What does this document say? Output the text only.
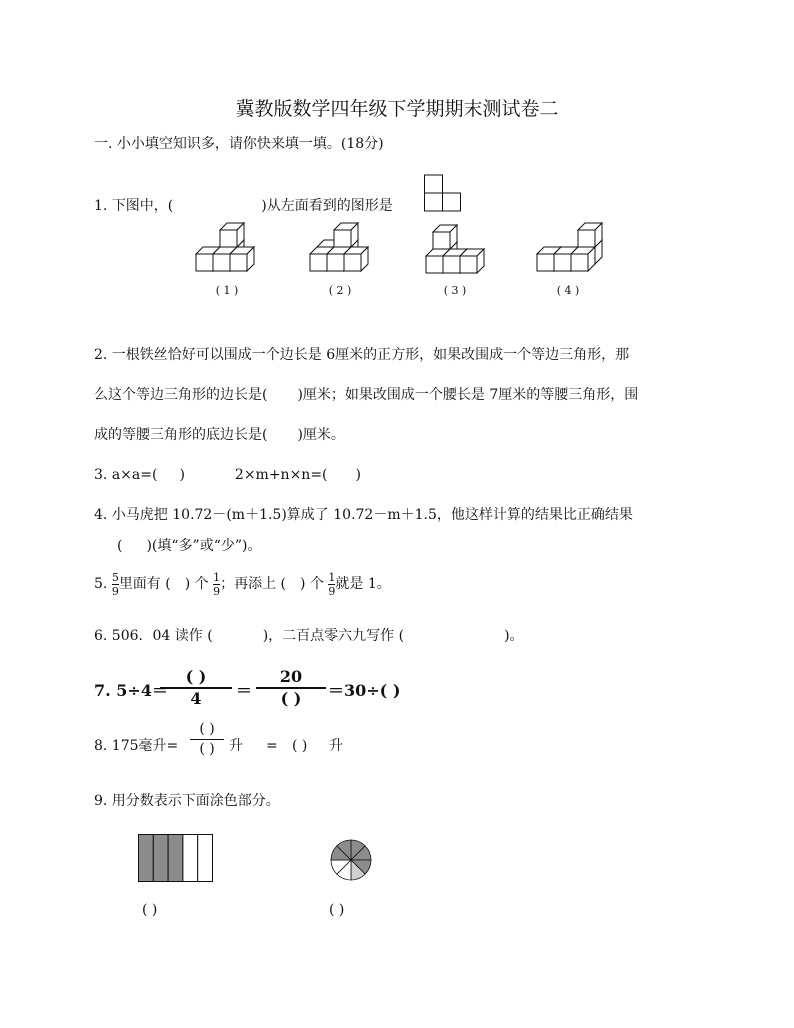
冀教版数学四年级下学期期末测试卷二
一. 小小填空知识多，请你快来填一填。(18分)
1. 下图中，(	)从左面看到的图形是
( 1 )	( 2 )	( 3 )	( 4 )
2. 一根铁丝恰好可以围成一个边长是 6厘米的正方形，如果改围成一个等边三角形，那
么这个等边三角形的边长是( )厘米；如果改围成一个腰长是 7厘米的等腰三角形，围
成的等腰三角形的底边长是( )厘米。
3. a×a=( )	2×m+n×n=( )
4. 小马虎把 10.72－(m＋1.5)算成了 10.72－m＋1.5，他这样计算的结果比正确结果
( )(填“多”或“少”)。
5. $\frac{5}{9}$ 里面有 ( ) 个 $\frac{1}{9}$ ；再添上 ( ) 个 $\frac{1}{9}$ 就是 1。
6. 506．04 读作 (	)，二百点零六九写作 (	)。
7. 5÷4＝
( )
4	＝
20
( )	＝30÷( )
8. 175毫升=
( )
( )	升 = ( ) 升
9. 用分数表示下面涂色部分。
( )	( )
